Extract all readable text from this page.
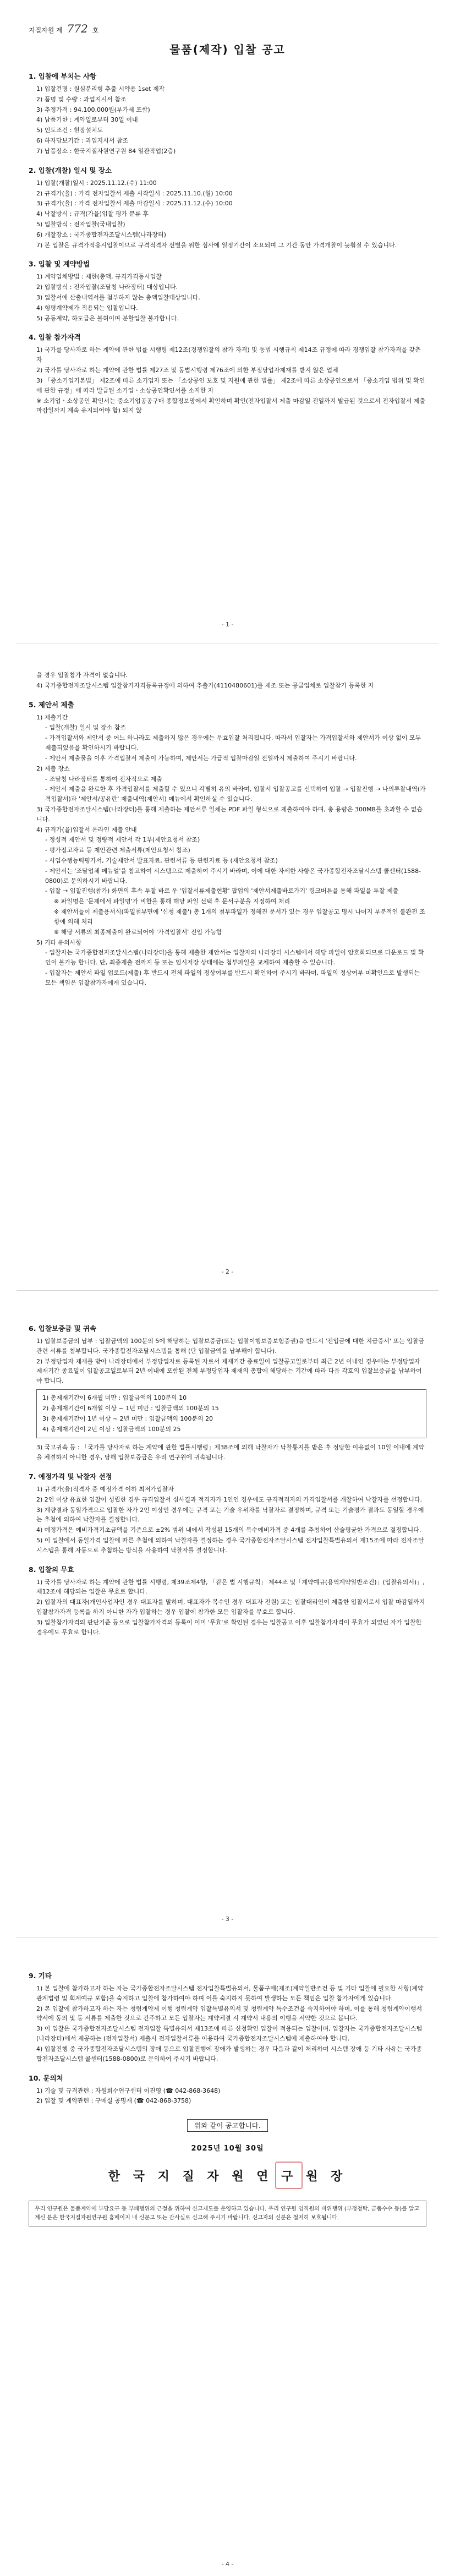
지질자원 제 772 호
물품(제작) 입찰 공고
1. 입찰에 부치는 사항
1) 입찰건명 : 원심분리형 추출 시약용 1set 제작
2) 품명 및 수량 : 과업지시서 참조
3) 추정가격 : 94,100,000원(부가세 포함)
4) 납품기한 : 계약일로부터 30일 이내
5) 인도조건 : 현장설치도
6) 하자담보기간 : 과업지시서 참조
7) 납품장소 : 한국지질자원연구원 84 일관작업(2층)
2. 입찰(개찰) 일시 및 장소
1) 입찰(개찰)일시 : 2025.11.12.(수) 11:00
2) 규격가(율) : 가격 전자입찰서 제출 시작일시 : 2025.11.10.(월) 10:00
3) 규격가(율) : 가격 전자입찰서 제출 마감일시 : 2025.11.12.(수) 10:00
4) 낙찰방식 : 규격(가율)입찰 평가 분류 후
5) 입찰방식 : 전자입찰(국내입찰)
6) 개찰장소 : 국가종합전자조달시스템(나라장터)
7) 본 입찰은 규격가적용시입찰이므로 규격적격자 선별을 위한 심사에 일정기간이 소요되며 그 기간 동안 가격개찰이 늦춰질 수 있습니다.
3. 입찰 및 계약방법
1) 계약업체방법 : 제한(총액, 규격가격동시입찰
2) 입찰방식 : 전자입찰(조달청 나라장터) 대상입니다.
3) 입찰서에 산출내역서를 첨부하지 않는 총액입찰대상입니다.
4) 형평계약제가 적용되는 입찰입니다.
5) 공동계약, 하도급은 불허이며 분할입찰 불가합니다.
4. 입찰 참가자격
1) 국가를 당사자로 하는 계약에 관한 법률 시행령 제12조(경쟁입찰의 참가 자격) 및 동법 시행규칙 제14조 규정에 따라 경쟁입찰 참가자격을 갖춘 자
2) 국가를 당사자로 하는 계약에 관한 법률 제27조 및 동법시행령 제76조에 의한 부정당업자제재를 받지 않은 업체
3) 「중소기업기본법」 제2조에 따른 소기업자 또는 「소상공인 보호 및 지원에 관한 법률」 제2조에 따른 소상공인으로서 「중소기업 범위 및 확인에 관한 규정」에 따라 발급된 소기업ㆍ소상공인확인서를 소지한 자
※ 소기업ㆍ소상공인 확인서는 중소기업공공구매 종합정보망에서 확인하며 확인(전자입찰서 제출 마감일 전일까지 발급된 것으로서 전자입찰서 제출 마감일까지 계속 유지되어야 함) 되지 않
- 1 -
을 경우 입찰참가 자격이 없습니다.
4) 국가종합전자조달시스템 입찰참가자격등록규정에 의하여 추출가(4110480601)를 제조 또는 공급업체로 입찰참가 등록한 자
5. 제안서 제출
1) 제출기간
- 입찰(개찰) 일시 및 장소 참조
- 가격입찰서와 제안서 중 어느 하나라도 제출하지 않은 경우에는 무효입찰 처리됩니다. 따라서 입찰자는 가격입찰서와 제안서가 이상 없이 모두 제출되었음을 확인하시기 바랍니다.
- 제안서 제출물을 이후 가격입찰서 제출이 가능하며, 제안서는 가급적 입찰마감일 전일까지 제출하여 주시기 바랍니다.
2) 제출 장소
- 조달청 나라장터를 통하여 전자적으로 제출
- 제안서 제출을 완료한 후 가격입찰서를 제출할 수 있으니 각별히 유의 바라며, 입찰서 입찰공고를 선택하여 입찰 → 입찰진행 → 나의투찰내역(가격입찰서)과 '제안서/공유란' 제출내역(제안서) 메뉴에서 확인하실 수 있습니다.
3) 국가종합전자조달시스템(나라장터)를 통해 제출하는 제안서류 일체는 PDF 파일 형식으로 제출하여야 하며, 총 용량은 300MB를 초과할 수 없습니다.
4) 규격가(율)입찰서 온라인 제출 안내
- 정성적 제안서 및 정량적 제안서 각 1부(제안요청서 참조)
- 평가점고자료 등 제안관련 제출서류(제안요청서 참조)
- 사업수행능력평가서, 기술제안서 발표자료, 관련서류 등 관련자료 등 (제안요청서 참조)
- 제안서는 '조달업체 메뉴얼'을 참고하여 시스템으로 제출하여 주시기 바라며, 이에 대한 자세한 사항은 국가종합전자조달시스템 콜센터(1588-0800)로 문의하시기 바랍니다.
- 입찰 → 입찰진행(참가) 화면의 후속 투찰 바로 우 '입찰서류제출현황' 팝업의 '제안서제출바로가기' 링크버튼을 통해 파일을 투찰 제출
※ 파일명은 '문제에서 파일명'가 비한을 통해 해당 파일 선택 후 문서구분을 지정하여 처리
※ 제안서들이 제출용서식(파일첨부면에 '신청 제출') 총 1개의 첨부파일가 정해진 문서가 있는 경우 입찰공고 명시 나머지 부분적인 불완전 조항에 의해 처리
※ 해당 서류의 최종제출이 완료되어야 '가격입찰서' 진입 가능함
5) 기타 유의사항
- 입찰자는 국가종합전자조달시스템(나라장터)을 통해 제출한 제안서는 입찰자의 나라장터 시스템에서 해당 파일이 암호화되므로 다운로드 및 확인이 불가능 합니다. 단, 최종제출 전까지 등 또는 임시저장 상태에는 첨부파일을 교체하여 제출할 수 있습니다.
- 입찰자는 제안서 파일 업로드(제출) 후 반드시 전체 파일의 정상여부를 반드시 확인하여 주시기 바라며, 파일의 정상여부 미확인으로 발생되는 모든 책임은 입찰참가자에게 있습니다.
- 2 -
6. 입찰보증금 및 귀속
1) 입찰보증금의 납부 : 입찰금액의 100분의 5에 해당하는 입찰보증금(또는 입찰이행보증보험증권)을 반드시 '전입금에 대한 지급증서' 또는 입찰금 관련 서류를 첨부합니다. 국가종합전자조달시스템을 통해 (단 입찰금액을 납부해야 합니다).
2) 부정당업자 제재를 받아 나라장터에서 부정당업자로 등록된 자로서 제재기간 종료일이 입찰공고일로부터 최근 2년 이내인 경우에는 부정당업자 제재기간 종료일이 입찰공고일로부터 2년 이내에 포함된 전체 부정당업자 제재의 총합에 해당하는 기간에 따라 다음 각호의 입찰보증금을 납부하여야 합니다.
1) 총제재기간이 6개월 미만 : 입찰금액의 100분의 10
2) 총제재기간이 6개월 이상 ~ 1년 미만 : 입찰금액의 100분의 15
3) 총제재기간이 1년 이상 ~ 2년 미만 : 입찰금액의 100분의 20
4) 총제재기간이 2년 이상 : 입찰금액의 100분의 25
3) 국고귀속 등 : 「국가를 당사자로 하는 계약에 관한 법률시행령」제38조에 의해 낙찰자가 낙찰통지를 받은 후 정당한 이유없이 10일 이내에 계약을 체결하지 아니한 경우, 당해 입찰보증금은 우리 연구원에 귀속됩니다.
7. 예정가격 및 낙찰자 선정
1) 규격가(율)적격자 중 예정가격 이하 최저가입찰자
2) 2인 이상 유효한 입찰이 성립한 경우 규격입찰서 심사결과 적격자가 1인인 경우에도 규격적격자의 가격입찰서를 개찰하여 낙찰자를 선정합니다.
3) 계량결과 동일가격으로 입찰한 자가 2인 이상인 경우에는 규격 또는 기술 우위자를 낙찰자로 결정하며, 규격 또는 기술평가 결과도 동일할 경우에는 추첨에 의하여 낙찰자를 결정합니다.
4) 예정가격은 예비가격기초금액을 기준으로 ±2% 범위 내에서 작성된 15개의 복수예비가격 중 4개를 추첨하여 산술평균한 가격으로 결정합니다.
5) 이 입찰에서 동일가격 입찰에 따른 추첨에 의하여 낙찰자를 결정하는 경우 국가종합전자조달시스템 전자입찰특별유의서 제15조에 따라 전자조달시스템을 통해 자동으로 추첨하는 방식을 사용하여 낙찰자를 결정합니다.
8. 입찰의 무효
1) 국가를 당사자로 하는 계약에 관한 법률 시행령, 제39조제4항, 「같은 법 시행규칙」 제44조 및「계약예규(용역계약일반조건)」(입찰유의서)」, 제12조에 해당되는 입찰은 무효로 합니다.
2) 입찰자의 대표자(개인사업자인 경우 대표자를 말하며, 대표자가 복수인 경우 대표자 전원) 또는 입찰대리인이 제출한 입찰서로서 입찰 마감일까지 입찰참가자격 등록을 하지 아니한 자가 입찰하는 경우 입찰에 참가한 모든 입찰자를 무효로 합니다.
3) 입찰참가자격의 판단기준 등으로 입찰참가자격의 등록이 이미 '무효'로 확인된 경우는 입찰공고 이후 입찰참가자격이 무효가 되었던 자가 입찰한 경우에도 무효로 합니다.
- 3 -
9. 기타
1) 본 입찰에 참가하고자 하는 자는 국가종합전자조달시스템 전자입찰특별유의서, 물품구매(제조)계약일반조건 등 및 기타 입찰에 필요한 사항(계약관계법령 및 회계예규 포함)을 숙지하고 입찰에 참가하여야 하며 이를 숙지하지 못하여 발생하는 모든 책임은 입찰 참가자에게 있습니다.
2) 본 입찰에 참가하고자 하는 자는 청렴계약제 이행 청렴계약 입찰특별유의서 및 청렴계약 특수조건을 숙지하여야 하며, 이를 통해 청렴계약이행서약서에 동의 및 동 서류를 제출한 것으로 간주하고 모든 입찰자는 계약체결 시 계약서 내용의 이행을 서약한 것으로 봅니다.
3) 이 입찰은 국가종합전자조달시스템 전자입찰 특별유의서 제13조에 따른 신청확인 입찰이 적용되는 입찰이며, 입찰자는 국가종합전자조달시스템(나라장터)에서 제공하는 (전자입찰서) 제출시 전자입찰서류를 이용하여 국가종합전자조달시스템에 제출하여야 합니다.
4) 입찰진행 중 국가종합전자조달시스템의 장애 등으로 입찰진행에 장애가 발생하는 경우 다음과 같이 처리하며 시스템 장애 등 기타 사유는 국가종합전자조달시스템 콜센터(1588-0800)로 문의하여 주시기 바랍니다.
10. 문의처
1) 기술 및 규격관련 : 자원회수연구센터 이진영 (☎ 042-868-3648)
2) 입찰 및 계약관련 : 구매실 공명재 (☎ 042-868-3758)
위와 같이 공고합니다.
2025년 10월 30일
한 국 지 질 자 원 연 구 원 장
우리 연구원은 물품계약에 부당요구 등 부패행위의 근절을 위하여 신고제도를 운영하고 있습니다. 우리 연구원 임직원의 비위행위 (부정청탁, 금품수수 등)를 알고 계신 분은 한국지질자원연구원 홈페이지 내 신문고 또는 감사실로 신고해 주시기 바랍니다. 신고자의 신분은 철저히 보호됩니다.
- 4 -
